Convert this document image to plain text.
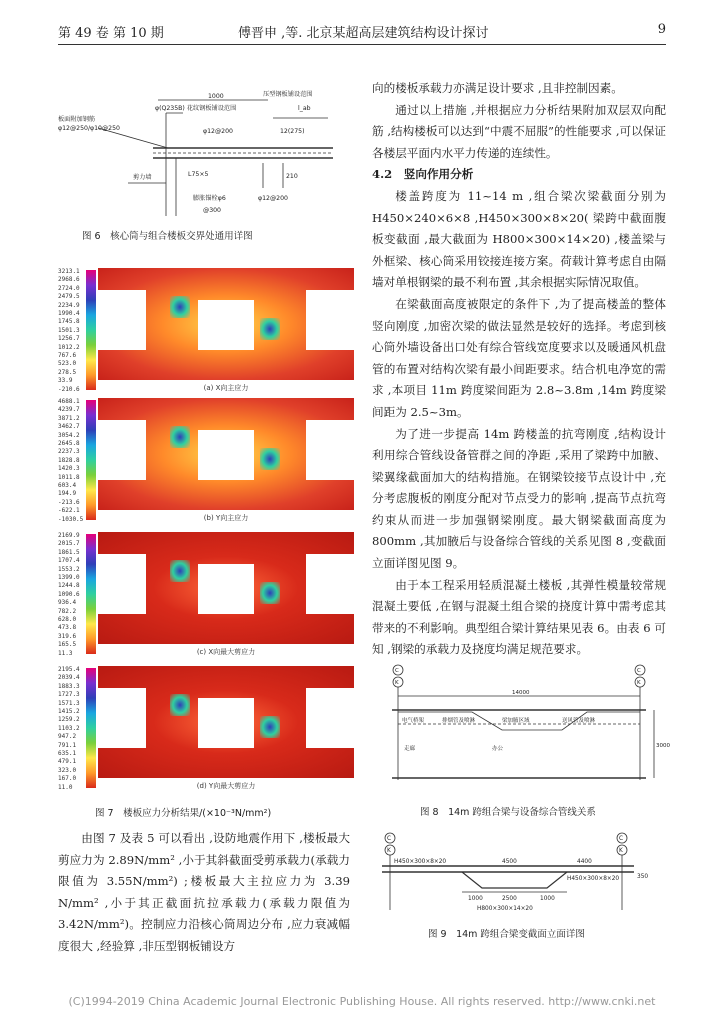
第 49 卷 第 10 期	傅晋申 ,等. 北京某超高层建筑结构设计探讨	9
1000	压型钢板铺设范围
φ(Q235B) 花纹钢板铺设范围
板面附加钢筋
φ12@250/φ10@250	φ12@200	12(275)
l_ab
L75×5
剪力墙
膨胀锚栓φ6
@300
φ12@200
210
图 6　核心筒与组合楼板交界处通用详图
3213.1
2968.6
2724.0
2479.5
2234.9
1990.4
1745.8
1501.3
1256.7
1012.2
767.6
523.0
278.5
33.9
-210.6	(a) X向主应力
4688.1
4239.7
3871.2
3462.7
3054.2
2645.8
2237.3
1828.8
1420.3
1011.8
603.4
194.9
-213.6
-622.1
-1030.5	(b) Y向主应力
2169.9
2015.7
1861.5
1707.4
1553.2
1399.0
1244.8
1090.6
936.4
782.2
628.0
473.8
319.6
165.5
11.3	(c) X向最大剪应力
2195.4
2039.4
1883.3
1727.3
1571.3
1415.2
1259.2
1103.2
947.2
791.1
635.1
479.1
323.0
167.0
11.0	(d) Y向最大剪应力
图 7　楼板应力分析结果/(×10⁻³N/mm²)

由图 7 及表 5 可以看出 ,设防地震作用下 ,楼板最大剪应力为 2.89N/mm² ,小于其斜截面受剪承载力(承载力限值为 3.55N/mm²) ;楼板最大主拉应力为 3.39 N/mm² ,小于其正截面抗拉承载力(承载力限值为 3.42N/mm²)。控制应力沿核心筒周边分布 ,应力衰减幅度很大 ,经验算 ,非压型钢板铺设方

向的楼板承载力亦满足设计要求 ,且非控制因素。

通过以上措施 ,并根据应力分析结果附加双层双向配筋 ,结构楼板可以达到“中震不屈服”的性能要求 ,可以保证各楼层平面内水平力传递的连续性。

4.2　竖向作用分析

楼盖跨度为 11~14 m ,组合梁次梁截面分别为 H450×240×6×8 ,H450×300×8×20( 梁跨中截面腹板变截面 ,最大截面为 H800×300×14×20) ,楼盖梁与外框梁、核心筒采用铰接连接方案。荷载计算考虑自由隔墙对单根钢梁的最不利布置 ,其余根据实际情况取值。

在梁截面高度被限定的条件下 ,为了提高楼盖的整体竖向刚度 ,加密次梁的做法显然是较好的选择。考虑到核心筒外墙设备出口处有综合管线宽度要求以及暖通风机盘管的布置对结构次梁有最小间距要求。结合机电净宽的需求 ,本项目 11m 跨度梁间距为 2.8~3.8m ,14m 跨度梁间距为 2.5~3m。

为了进一步提高 14m 跨楼盖的抗弯刚度 ,结构设计利用综合管线设备管群之间的净距 ,采用了梁跨中加腋、梁翼缘截面加大的结构措施。在钢梁铰接节点设计中 ,充分考虑腹板的刚度分配对节点受力的影响 ,提高节点抗弯约束从而进一步加强钢梁刚度。最大钢梁截面高度为 800mm ,其加腋后与设备综合管线的关系见图 8 ,变截面立面详图见图 9。

由于本工程采用轻质混凝土楼板 ,其弹性模量较常规混凝土要低 ,在钢与混凝土组合梁的挠度计算中需考虑其带来的不利影响。典型组合梁计算结果见表 6。由表 6 可知 ,钢梁的承载力及挠度均满足规范要求。

C
K
C
K
14000
电气桥架	排烟管及喷淋	梁加腋区域	送风管及喷淋
走廊	办公	3000
图 8　14m 跨组合梁与设备综合管线关系
C
K
C
K
H450×300×8×20	4500	4400
H450×300×8×20
1000	2500	1000
H800×300×14×20
350
图 9　14m 跨组合梁变截面立面详图
(C)1994-2019 China Academic Journal Electronic Publishing House. All rights reserved. http://www.cnki.net
